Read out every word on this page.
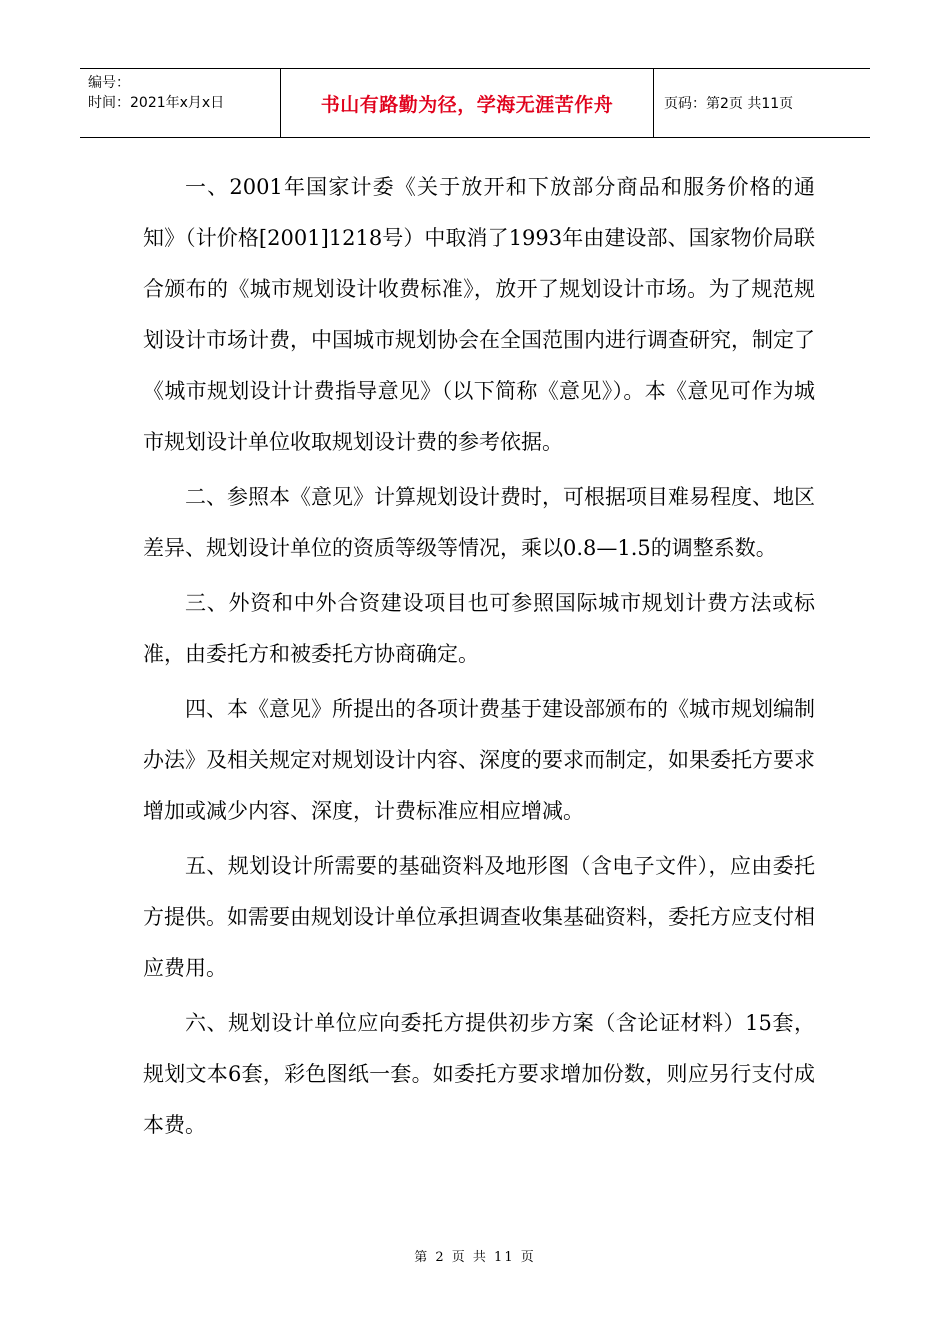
编号：
时间：2021年x月x日	书山有路勤为径，学海无涯苦作舟	页码：第2页 共11页

一、2001年国家计委《关于放开和下放部分商品和服务价格的通知》（计价格[2001]1218号）中取消了1993年由建设部、国家物价局联合颁布的《城市规划设计收费标准》，放开了规划设计市场。为了规范规划设计市场计费，中国城市规划协会在全国范围内进行调查研究，制定了《城市规划设计计费指导意见》（以下简称《意见》）。本《意见可作为城市规划设计单位收取规划设计费的参考依据。

二、参照本《意见》计算规划设计费时，可根据项目难易程度、地区差异、规划设计单位的资质等级等情况，乘以0.8—1.5的调整系数。

三、外资和中外合资建设项目也可参照国际城市规划计费方法或标准，由委托方和被委托方协商确定。

四、本《意见》所提出的各项计费基于建设部颁布的《城市规划编制办法》及相关规定对规划设计内容、深度的要求而制定，如果委托方要求增加或减少内容、深度，计费标准应相应增减。

五、规划设计所需要的基础资料及地形图（含电子文件），应由委托方提供。如需要由规划设计单位承担调查收集基础资料，委托方应支付相应费用。

六、规划设计单位应向委托方提供初步方案（含论证材料）15套，规划文本6套，彩色图纸一套。如委托方要求增加份数，则应另行支付成本费。

第 2 页 共 11 页
